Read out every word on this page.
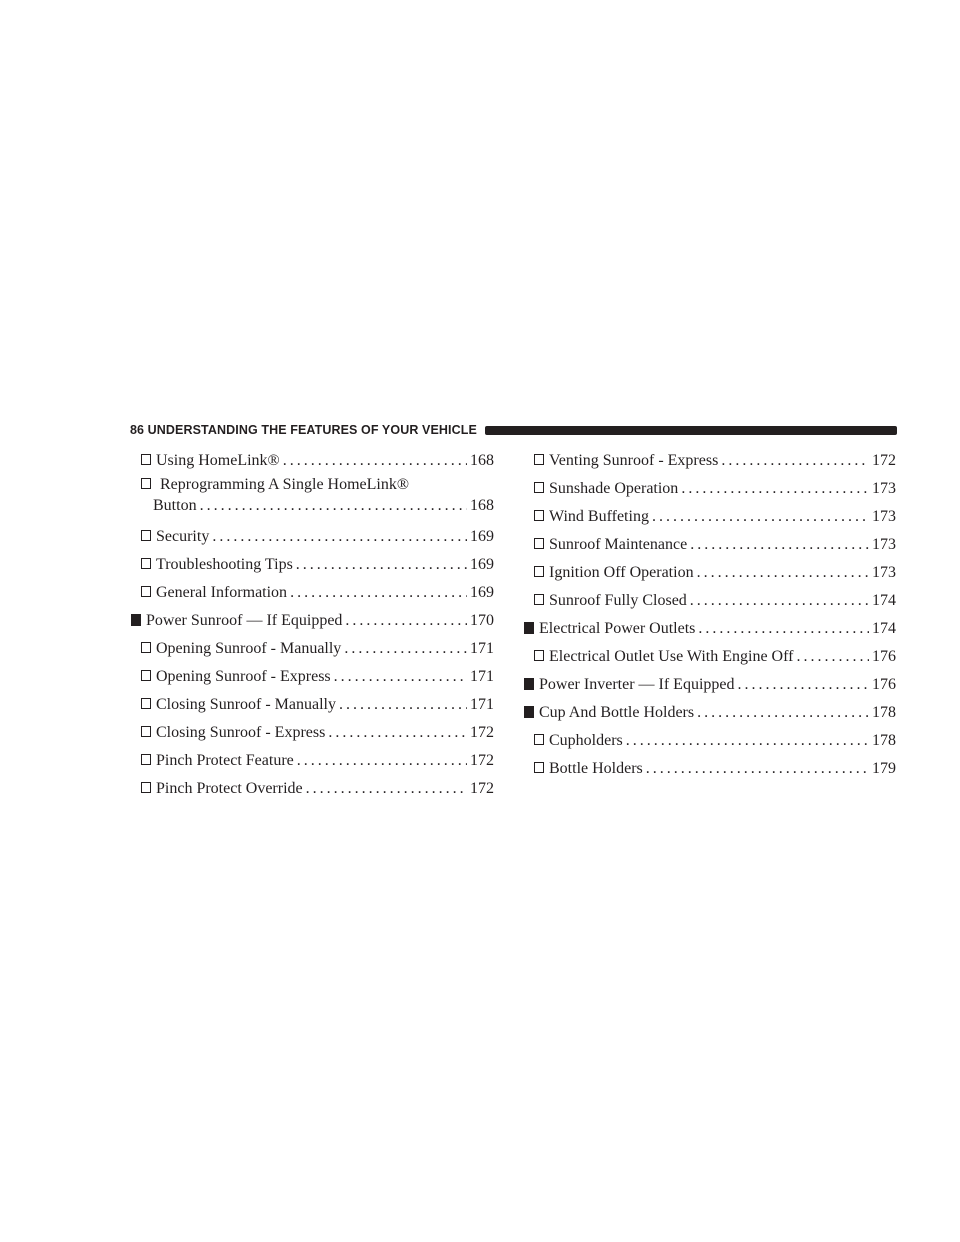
86 UNDERSTANDING THE FEATURES OF YOUR VEHICLE
Using HomeLink® .....	168
Reprogramming A Single HomeLink®
Button .....	168
Security .....	169
Troubleshooting Tips .....	169
General Information .....	169
Power Sunroof — If Equipped .....	170
Opening Sunroof - Manually .....	171
Opening Sunroof - Express .....	171
Closing Sunroof - Manually .....	171
Closing Sunroof - Express .....	172
Pinch Protect Feature .....	172
Pinch Protect Override .....	172
Venting Sunroof - Express .....	172
Sunshade Operation .....	173
Wind Buffeting .....	173
Sunroof Maintenance .....	173
Ignition Off Operation .....	173
Sunroof Fully Closed .....	174
Electrical Power Outlets .....	174
Electrical Outlet Use With Engine Off .....	176
Power Inverter — If Equipped .....	176
Cup And Bottle Holders .....	178
Cupholders .....	178
Bottle Holders .....	179
